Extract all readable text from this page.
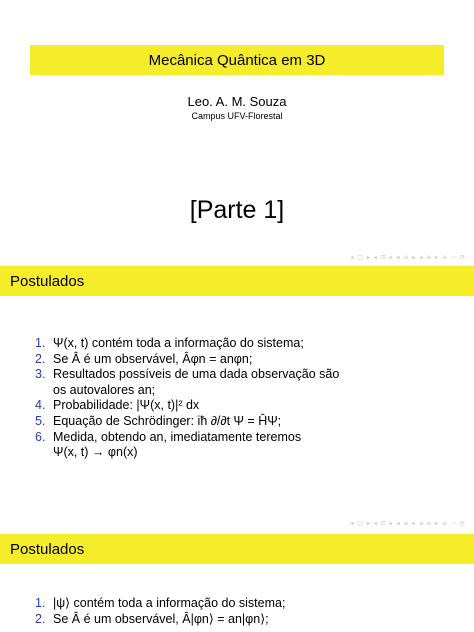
Mecânica Quântica em 3D
Leo. A. M. Souza
Campus UFV-Florestal
[Parte 1]
◂ □ ▸ ◂ ⊡ ▸ ◂ ≡ ▸ ◂ ≡ ▸ ≡ ∽ ⟳
Postulados
1. Ψ(x, t) contém toda a informação do sistema;
2. Se Â é um observável, Âφn = anφn;
3. Resultados possíveis de uma dada observação são
os autovalores an;
4. Probabilidade: |Ψ(x, t)|² dx
5. Equação de Schrödinger: iħ ∂/∂t Ψ = ĤΨ;
6. Medida, obtendo an, imediatamente teremos
Ψ(x, t) → φn(x)
◂ □ ▸ ◂ ⊡ ▸ ◂ ≡ ▸ ◂ ≡ ▸ ≡ ∽ ⟳
Postulados
1. |ψ⟩ contém toda a informação do sistema;
2. Se Â é um observável, Â|φn⟩ = an|φn⟩;
